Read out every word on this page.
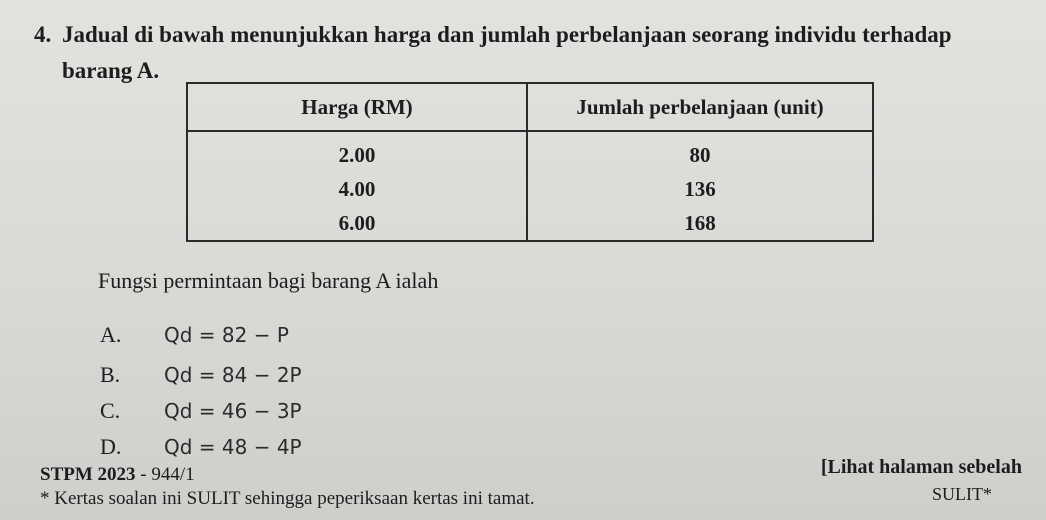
4. Jadual di bawah menunjukkan harga dan jumlah perbelanjaan seorang individu terhadap
barang A.
Harga (RM)	Jumlah perbelanjaan (unit)
2.00	80
4.00	136
6.00	168
Fungsi permintaan bagi barang A ialah
A. Qd = 82 − P
B. Qd = 84 − 2P
C. Qd = 46 − 3P
D. Qd = 48 − 4P
STPM 2023 - 944/1	[Lihat halaman sebelah
* Kertas soalan ini SULIT sehingga peperiksaan kertas ini tamat.	SULIT*
